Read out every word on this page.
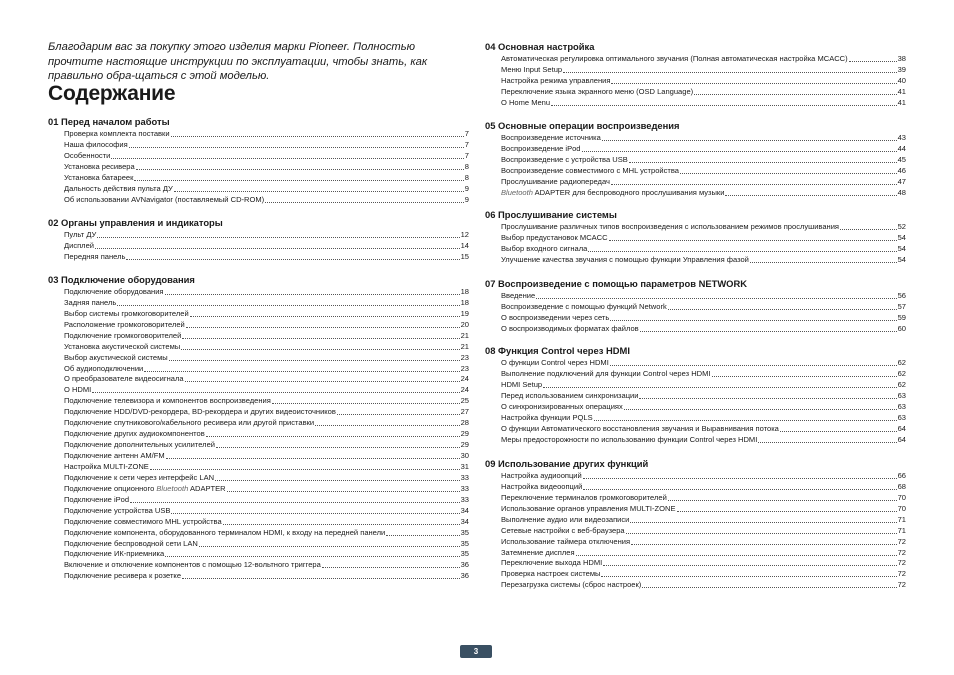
Благодарим вас за покупку этого изделия марки Pioneer. Полностью прочтите настоящие инструкции по эксплуатации, чтобы знать, как правильно обра-щаться с этой моделью.

Содержание
01 Перед началом работы
Проверка комплекта поставки	7
Наша философия	7
Особенности	7
Установка ресивера	8
Установка батареек	8
Дальность действия пульта ДУ	9
Об использовании AVNavigator (поставляемый CD-ROM)	9
02 Органы управления и индикаторы
Пульт ДУ	12
Дисплей	14
Передняя панель	15
03 Подключение оборудования
Подключение оборудования	18
Задняя панель	18
Выбор системы громкоговорителей	19
Расположение громкоговорителей	20
Подключение громкоговорителей	21
Установка акустической системы	21
Выбор акустической системы	23
Об аудиоподключении	23
О преобразователе видеосигнала	24
О HDMI	24
Подключение телевизора и компонентов воспроизведения	25
Подключение HDD/DVD-рекордера, BD-рекордера и других видеоисточников	27
Подключение спутникового/кабельного ресивера или другой приставки	28
Подключение других аудиокомпонентов	29
Подключение дополнительных усилителей	29
Подключение антенн AM/FM	30
Настройка MULTI-ZONE	31
Подключение к сети через интерфейс LAN	33
Подключение опционного Bluetooth ADAPTER	33
Подключение iPod	33
Подключение устройства USB	34
Подключение совместимого MHL устройства	34
Подключение компонента, оборудованного терминалом HDMI, к входу на передней панели	35
Подключение беспроводной сети LAN	35
Подключение ИК-приемника	35
Включение и отключение компонентов с помощью 12-вольтного триггера	36
Подключение ресивера к розетке	36
04 Основная настройка
Автоматическая регулировка оптимального звучания (Полная автоматическая настройка MCACC)	38
Меню Input Setup	39
Настройка режима управления	40
Переключение языка экранного меню (OSD Language)	41
О Home Menu	41
05 Основные операции воспроизведения
Воспроизведение источника	43
Воспроизведение iPod	44
Воспроизведение с устройства USB	45
Воспроизведение совместимого с MHL устройства	46
Прослушивание радиопередач	47
Bluetooth ADAPTER для беспроводного прослушивания музыки	48
06 Прослушивание системы
Прослушивание различных типов воспроизведения с использованием режимов прослушивания	52
Выбор предустановок MCACC	54
Выбор входного сигнала	54
Улучшение качества звучания с помощью функции Управления фазой	54
07 Воспроизведение с помощью параметров NETWORK
Введение	56
Воспроизведение с помощью функций Network	57
О воспроизведении через сеть	59
О воспроизводимых форматах файлов	60
08 Функция Control через HDMI
О функции Control через HDMI	62
Выполнение подключений для функции Control через HDMI	62
HDMI Setup	62
Перед использованием синхронизации	63
О синхронизированных операциях	63
Настройка функции PQLS	63
О функции Автоматического восстановления звучания и Выравнивания потока	64
Меры предосторожности по использованию функции Control через HDMI	64
09 Использование других функций
Настройка аудиоопций	66
Настройка видеоопций	68
Переключение терминалов громкоговорителей	70
Использование органов управления MULTI-ZONE	70
Выполнение аудио или видеозаписи	71
Сетевые настройки с веб-браузера	71
Использование таймера отключения	72
Затемнение дисплея	72
Переключение выхода HDMI	72
Проверка настроек системы	72
Перезагрузка системы (сброс настроек)	72
3
